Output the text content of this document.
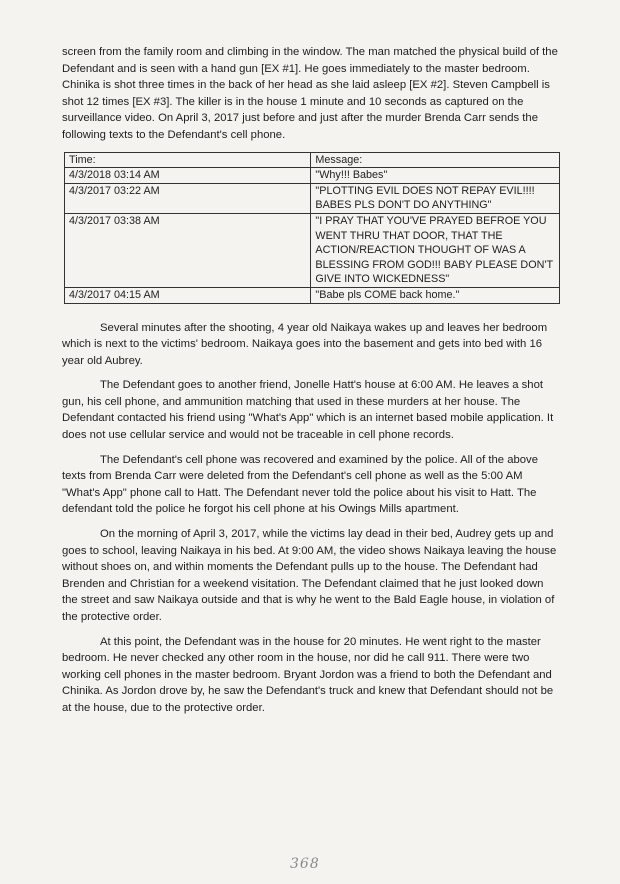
screen from the family room and climbing in the window. The man matched the physical build of the Defendant and is seen with a hand gun [EX #1]. He goes immediately to the master bedroom. Chinika is shot three times in the back of her head as she laid asleep [EX #2]. Steven Campbell is shot 12 times [EX #3]. The killer is in the house 1 minute and 10 seconds as captured on the surveillance video. On April 3, 2017 just before and just after the murder Brenda Carr sends the following texts to the Defendant's cell phone.

Time:	Message:
4/3/2018 03:14 AM	"Why!!! Babes"
4/3/2017 03:22 AM	"PLOTTING EVIL DOES NOT REPAY EVIL!!!! BABES PLS DON'T DO ANYTHING"
4/3/2017 03:38 AM	"I PRAY THAT YOU'VE PRAYED BEFROE YOU WENT THRU THAT DOOR, THAT THE ACTION/REACTION THOUGHT OF WAS A BLESSING FROM GOD!!! BABY PLEASE DON'T GIVE INTO WICKEDNESS"
4/3/2017 04:15 AM	"Babe pls COME back home."

Several minutes after the shooting, 4 year old Naikaya wakes up and leaves her bedroom which is next to the victims' bedroom. Naikaya goes into the basement and gets into bed with 16 year old Aubrey.

The Defendant goes to another friend, Jonelle Hatt's house at 6:00 AM. He leaves a shot gun, his cell phone, and ammunition matching that used in these murders at her house. The Defendant contacted his friend using "What's App" which is an internet based mobile application. It does not use cellular service and would not be traceable in cell phone records.

The Defendant's cell phone was recovered and examined by the police. All of the above texts from Brenda Carr were deleted from the Defendant's cell phone as well as the 5:00 AM "What's App" phone call to Hatt. The Defendant never told the police about his visit to Hatt. The defendant told the police he forgot his cell phone at his Owings Mills apartment.

On the morning of April 3, 2017, while the victims lay dead in their bed, Audrey gets up and goes to school, leaving Naikaya in his bed. At 9:00 AM, the video shows Naikaya leaving the house without shoes on, and within moments the Defendant pulls up to the house. The Defendant had Brenden and Christian for a weekend visitation. The Defendant claimed that he just looked down the street and saw Naikaya outside and that is why he went to the Bald Eagle house, in violation of the protective order.

At this point, the Defendant was in the house for 20 minutes. He went right to the master bedroom. He never checked any other room in the house, nor did he call 911. There were two working cell phones in the master bedroom. Bryant Jordon was a friend to both the Defendant and Chinika. As Jordon drove by, he saw the Defendant's truck and knew that Defendant should not be at the house, due to the protective order.

368
